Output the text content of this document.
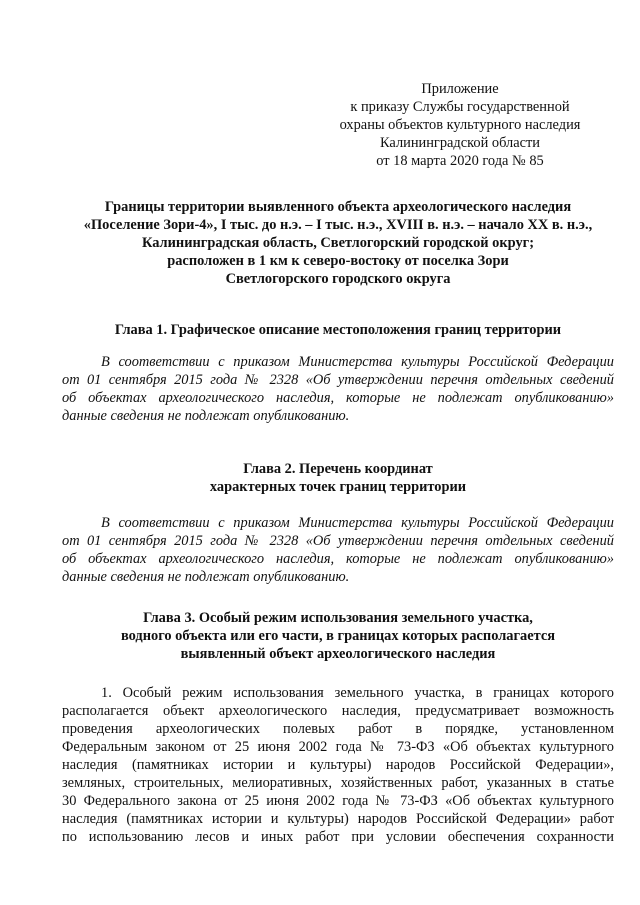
Приложение
к приказу Службы государственной
охраны объектов культурного наследия
Калининградской области
от 18 марта 2020 года № 85
Границы территории выявленного объекта археологического наследия
«Поселение Зори-4», I тыс. до н.э. – I тыс. н.э., XVIII в. н.э. – начало XX в. н.э.,
Калининградская область, Светлогорский городской округ;
расположен в 1 км к северо-востоку от поселка Зори
Светлогорского городского округа
Глава 1. Графическое описание местоположения границ территории
В соответствии с приказом Министерства культуры Российской Федерации
от 01 сентября 2015 года № 2328 «Об утверждении перечня отдельных сведений
об объектах археологического наследия, которые не подлежат опубликованию»
данные сведения не подлежат опубликованию.
Глава 2. Перечень координат
характерных точек границ территории
В соответствии с приказом Министерства культуры Российской Федерации
от 01 сентября 2015 года № 2328 «Об утверждении перечня отдельных сведений
об объектах археологического наследия, которые не подлежат опубликованию»
данные сведения не подлежат опубликованию.
Глава 3. Особый режим использования земельного участка,
водного объекта или его части, в границах которых располагается
выявленный объект археологического наследия
1. Особый режим использования земельного участка, в границах которого
располагается объект археологического наследия, предусматривает возможность
проведения археологических полевых работ в порядке, установленном
Федеральным законом от 25 июня 2002 года № 73-ФЗ «Об объектах культурного
наследия (памятниках истории и культуры) народов Российской Федерации»,
земляных, строительных, мелиоративных, хозяйственных работ, указанных в статье
30 Федерального закона от 25 июня 2002 года № 73-ФЗ «Об объектах культурного
наследия (памятниках истории и культуры) народов Российской Федерации» работ
по использованию лесов и иных работ при условии обеспечения сохранности
